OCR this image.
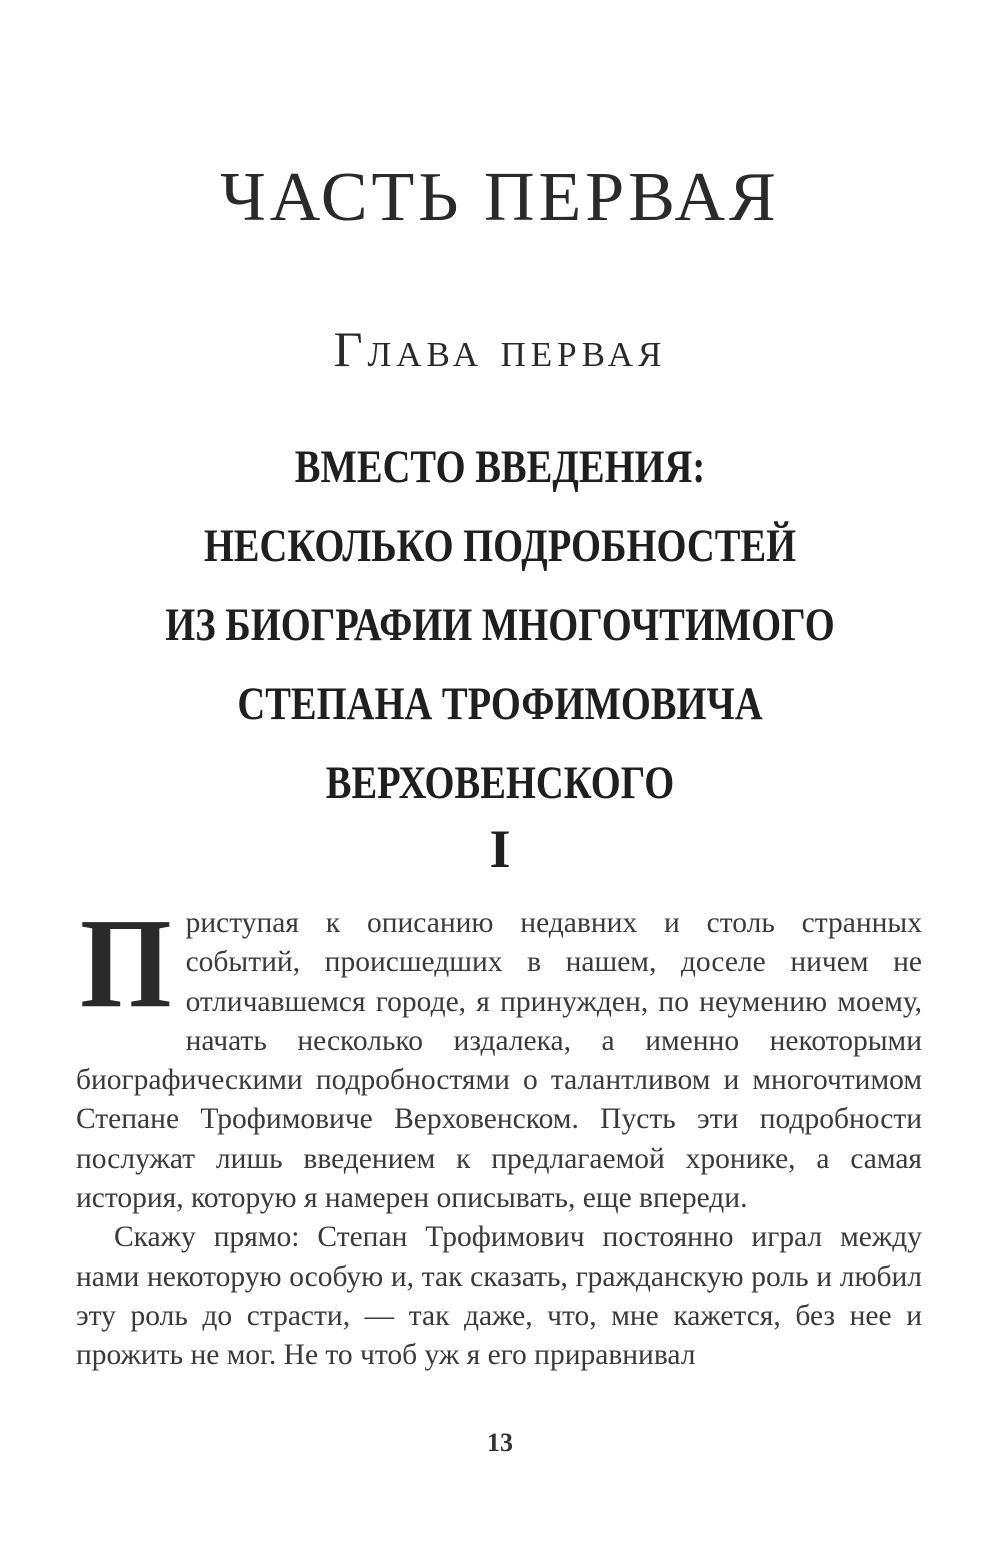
ЧАСТЬ ПЕРВАЯ
Глава первая
ВМЕСТО ВВЕДЕНИЯ:
НЕСКОЛЬКО ПОДРОБНОСТЕЙ
ИЗ БИОГРАФИИ МНОГОЧТИМОГО
СТЕПАНА ТРОФИМОВИЧА
ВЕРХОВЕНСКОГО
I

Приступая к описанию недавних и столь странных событий, происшедших в нашем, доселе ничем не отличавшемся городе, я принужден, по неумению моему, начать несколько издалека, а именно некоторыми биографическими подробностями о талантливом и многочтимом Степане Трофимовиче Верховенском. Пусть эти подробности послужат лишь введением к предлагаемой хронике, а самая история, которую я намерен описывать, еще впереди.

Скажу прямо: Степан Трофимович постоянно играл между нами некоторую особую и, так сказать, гражданскую роль и любил эту роль до страсти, — так даже, что, мне кажется, без нее и прожить не мог. Не то чтоб уж я его приравнивал

13
